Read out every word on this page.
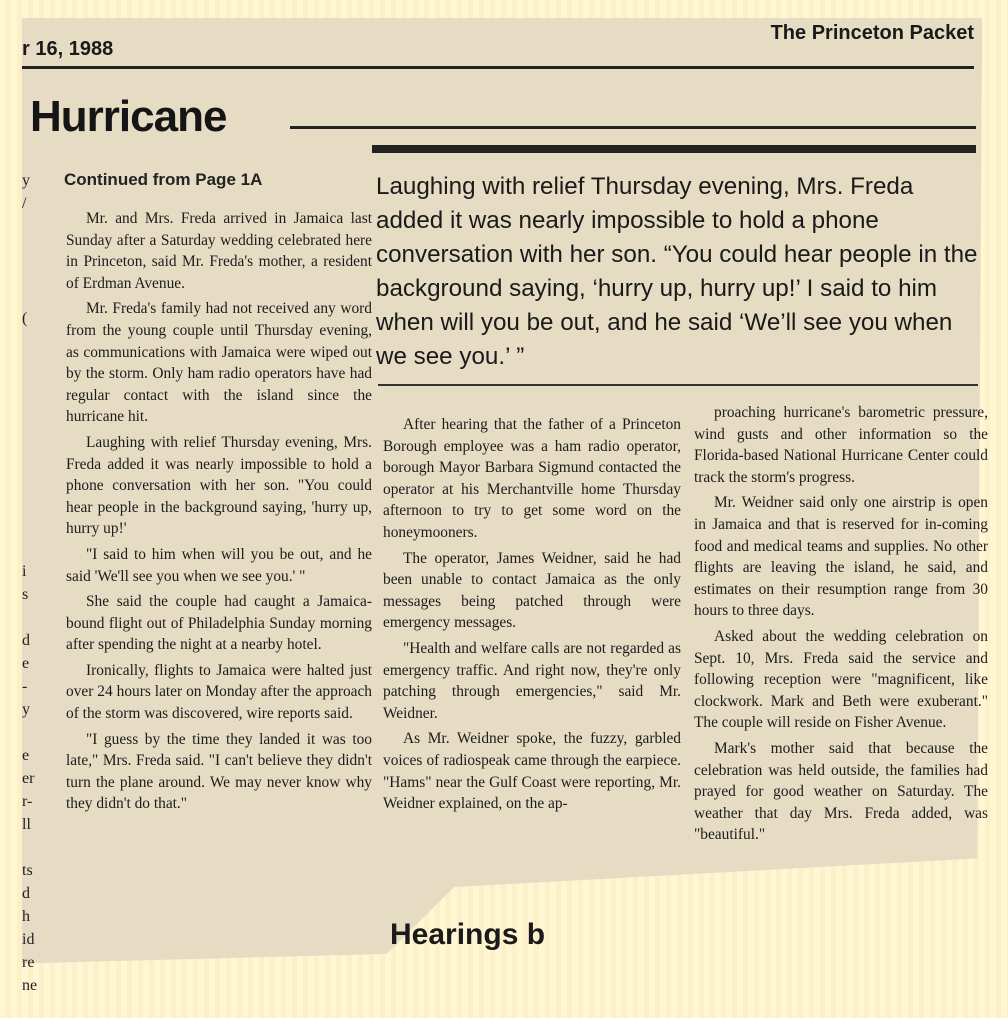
r 16, 1988
The Princeton Packet
Hurricane
Continued from Page 1A
y
/
(
i
s
d
e
-
y
e
er
r-
ll
ts
d
h
id
re
ne
Laughing with relief Thursday evening, Mrs. Freda added it was nearly impossible to hold a phone conversation with her son. “You could hear people in the background saying, ‘hurry up, hurry up!’ I said to him when will you be out, and he said ‘We’ll see you when we see you.’ ”

Mr. and Mrs. Freda arrived in Jamaica last Sunday after a Saturday wedding celebrated here in Princeton, said Mr. Freda's mother, a resident of Erdman Avenue.

Mr. Freda's family had not received any word from the young couple until Thursday evening, as communications with Jamaica were wiped out by the storm. Only ham radio operators have had regular contact with the island since the hurricane hit.

Laughing with relief Thursday evening, Mrs. Freda added it was nearly impossible to hold a phone conversation with her son. "You could hear people in the background saying, 'hurry up, hurry up!'

"I said to him when will you be out, and he said 'We'll see you when we see you.' "

She said the couple had caught a Jamaica-bound flight out of Philadelphia Sunday morning after spending the night at a nearby hotel.

Ironically, flights to Jamaica were halted just over 24 hours later on Monday after the approach of the storm was discovered, wire reports said.

"I guess by the time they landed it was too late," Mrs. Freda said. "I can't believe they didn't turn the plane around. We may never know why they didn't do that."

After hearing that the father of a Princeton Borough employee was a ham radio operator, borough Mayor Barbara Sigmund contacted the operator at his Merchantville home Thursday afternoon to try to get some word on the honeymooners.

The operator, James Weidner, said he had been unable to contact Jamaica as the only messages being patched through were emergency messages.

"Health and welfare calls are not regarded as emergency traffic. And right now, they're only patching through emergencies," said Mr. Weidner.

As Mr. Weidner spoke, the fuzzy, garbled voices of radiospeak came through the earpiece. "Hams" near the Gulf Coast were reporting, Mr. Weidner explained, on the ap-

proaching hurricane's barometric pressure, wind gusts and other information so the Florida-based National Hurricane Center could track the storm's progress.

Mr. Weidner said only one airstrip is open in Jamaica and that is reserved for in-coming food and medical teams and supplies. No other flights are leaving the island, he said, and estimates on their resumption range from 30 hours to three days.

Asked about the wedding celebration on Sept. 10, Mrs. Freda said the service and following reception were "magnificent, like clockwork. Mark and Beth were exuberant." The couple will reside on Fisher Avenue.

Mark's mother said that because the celebration was held outside, the families had prayed for good weather on Saturday. The weather that day Mrs. Freda added, was "beautiful."

Hearings b
